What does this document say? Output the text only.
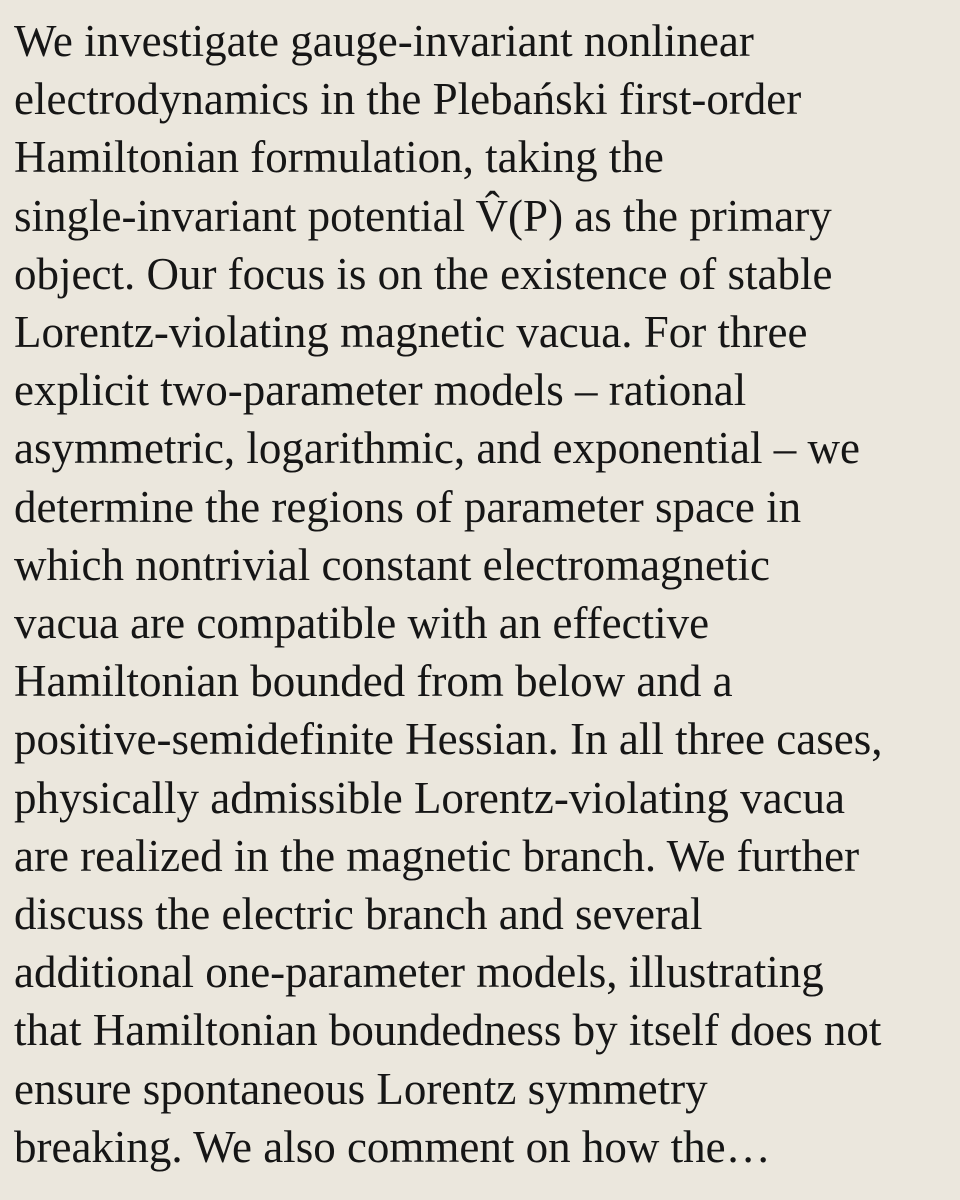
We investigate gauge-invariant nonlinear
electrodynamics in the Plebański first-order
Hamiltonian formulation, taking the
single-invariant potential V̂(P) as the primary
object. Our focus is on the existence of stable
Lorentz-violating magnetic vacua. For three
explicit two-parameter models – rational
asymmetric, logarithmic, and exponential – we
determine the regions of parameter space in
which nontrivial constant electromagnetic
vacua are compatible with an effective
Hamiltonian bounded from below and a
positive-semidefinite Hessian. In all three cases,
physically admissible Lorentz-violating vacua
are realized in the magnetic branch. We further
discuss the electric branch and several
additional one-parameter models, illustrating
that Hamiltonian boundedness by itself does not
ensure spontaneous Lorentz symmetry
breaking. We also comment on how the…
